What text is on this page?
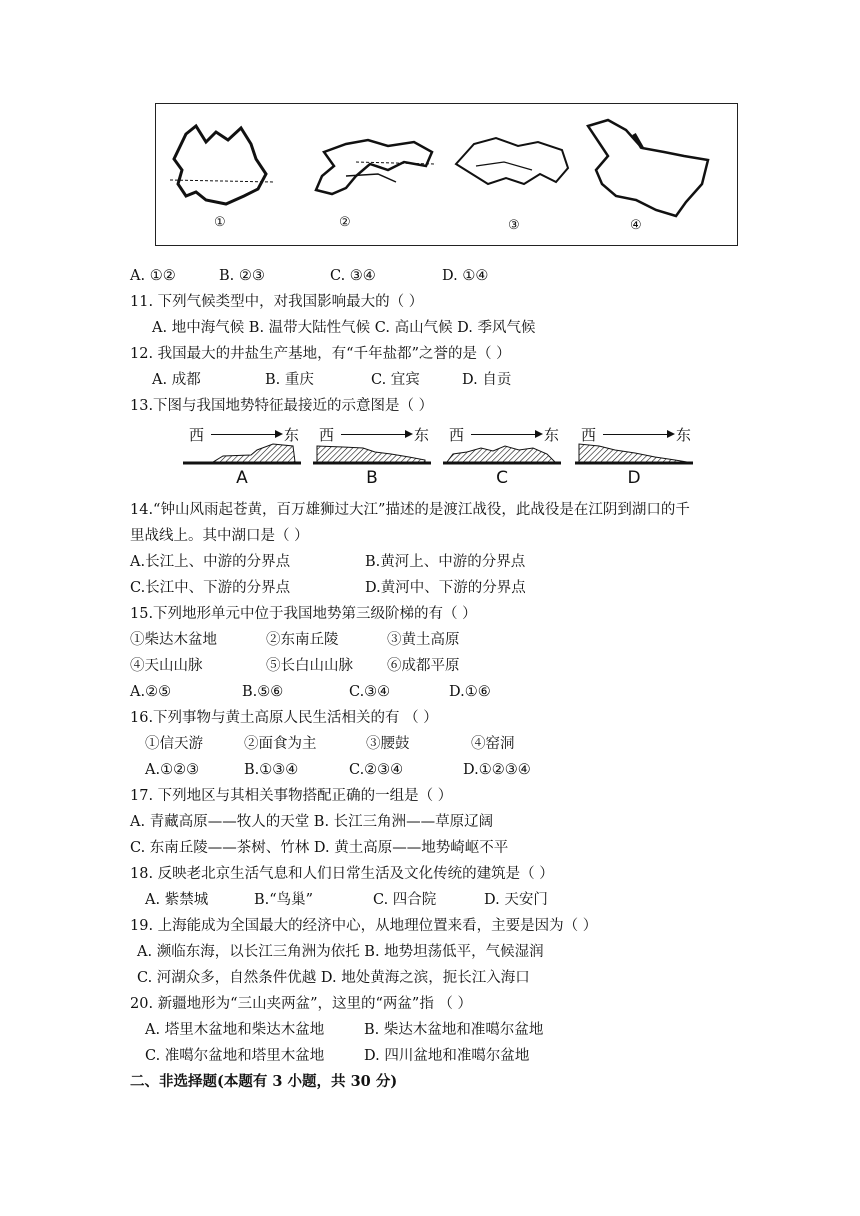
①	②	③	④
A. ①②	B. ②③	C. ③④	D. ①④
11. 下列气候类型中，对我国影响最大的（ ）
A. 地中海气候 B. 温带大陆性气候 C. 高山气候 D. 季风气候
12. 我国最大的井盐生产基地，有“千年盐都”之誉的是（ ）
A. 成都	B. 重庆	C. 宜宾	D. 自贡
13.下图与我国地势特征最接近的示意图是（ ）
西	东
A
西	东
B
西	东
C
西	东
D
14.“钟山风雨起苍黄，百万雄狮过大江”描述的是渡江战役，此战役是在江阴到湖口的千
里战线上。其中湖口是（ ）
A.长江上、中游的分界点	B.黄河上、中游的分界点
C.长江中、下游的分界点	D.黄河中、下游的分界点
15.下列地形单元中位于我国地势第三级阶梯的有（ ）
①柴达木盆地	②东南丘陵	③黄土高原
④天山山脉	⑤长白山山脉 ⑥成都平原
A.②⑤	B.⑤⑥	C.③④	D.①⑥
16.下列事物与黄土高原人民生活相关的有 （ ）
①信天游	②面食为主	③腰鼓	④窑洞
A.①②③	B.①③④	C.②③④	D.①②③④
17. 下列地区与其相关事物搭配正确的一组是（ ）
A. 青藏高原——牧人的天堂 B. 长江三角洲——草原辽阔
C. 东南丘陵——茶树、竹林 D. 黄土高原——地势崎岖不平
18. 反映老北京生活气息和人们日常生活及文化传统的建筑是（ ）
A. 紫禁城	B.“鸟巢”	C. 四合院	D. 天安门
19. 上海能成为全国最大的经济中心，从地理位置来看，主要是因为（ ）
A. 濒临东海，以长江三角洲为依托 B. 地势坦荡低平，气候湿润
C. 河湖众多，自然条件优越 D. 地处黄海之滨，扼长江入海口
20. 新疆地形为“三山夹两盆”，这里的“两盆”指 （ ）
A. 塔里木盆地和柴达木盆地	B. 柴达木盆地和准噶尔盆地
C. 准噶尔盆地和塔里木盆地	D. 四川盆地和准噶尔盆地
二、非选择题(本题有 3 小题，共 30 分)
